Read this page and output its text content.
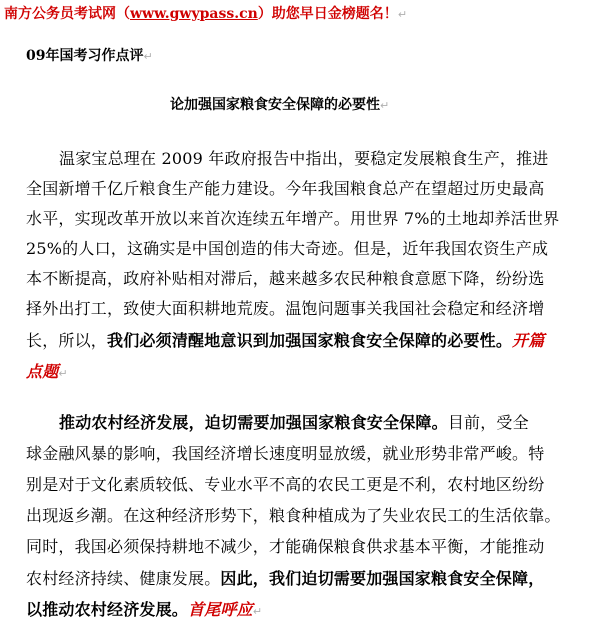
南方公务员考试网（www.gwypass.cn）助您早日金榜题名！↵
09年国考习作点评↵
论加强国家粮食安全保障的必要性↵
温家宝总理在 2009 年政府报告中指出，要稳定发展粮食生产，推进
全国新增千亿斤粮食生产能力建设。今年我国粮食总产在望超过历史最高
水平，实现改革开放以来首次连续五年增产。用世界 7%的土地却养活世界
25%的人口，这确实是中国创造的伟大奇迹。但是，近年我国农资生产成
本不断提高，政府补贴相对滞后，越来越多农民种粮食意愿下降，纷纷选
择外出打工，致使大面积耕地荒废。温饱问题事关我国社会稳定和经济增
长，所以，我们必须清醒地意识到加强国家粮食安全保障的必要性。开篇
点题↵
推动农村经济发展，迫切需要加强国家粮食安全保障。目前，受全
球金融风暴的影响，我国经济增长速度明显放缓，就业形势非常严峻。特
别是对于文化素质较低、专业水平不高的农民工更是不利，农村地区纷纷
出现返乡潮。在这种经济形势下，粮食种植成为了失业农民工的生活依靠。
同时，我国必须保持耕地不减少，才能确保粮食供求基本平衡，才能推动
农村经济持续、健康发展。因此，我们迫切需要加强国家粮食安全保障，
以推动农村经济发展。首尾呼应↵
